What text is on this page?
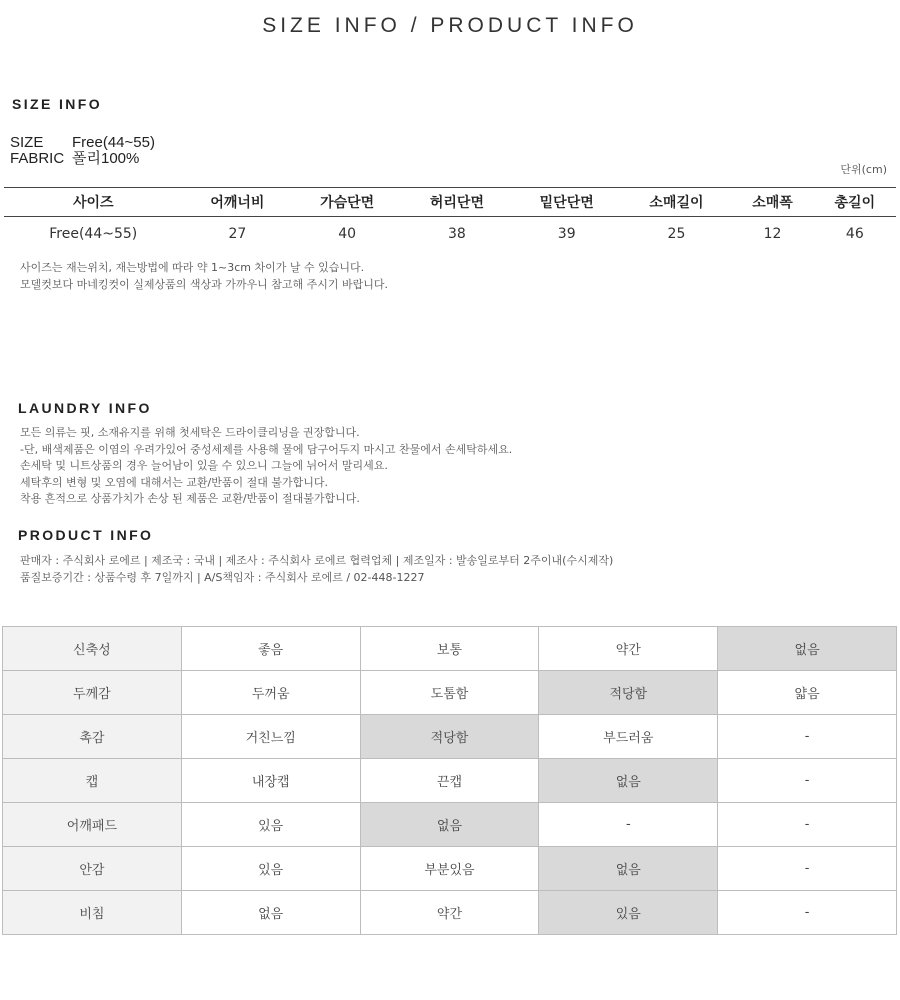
SIZE INFO / PRODUCT INFO
SIZE INFO
SIZE Free(44~55)
FABRIC 폴리100%
단위(cm)
사이즈	어깨너비	가슴단면	허리단면	밑단단면	소매길이	소매폭	총길이
Free(44~55)	27	40	38	39	25	12	46
사이즈는 재는위치, 재는방법에 따라 약 1~3cm 차이가 날 수 있습니다.
모델컷보다 마네킹컷이 실제상품의 색상과 가까우니 참고해 주시기 바랍니다.
LAUNDRY INFO
모든 의류는 핏, 소재유지를 위해 첫세탁은 드라이클리닝을 권장합니다.
-단, 배색제품은 이염의 우려가있어 중성세제를 사용해 물에 담구어두지 마시고 찬물에서 손세탁하세요.
손세탁 및 니트상품의 경우 늘어남이 있을 수 있으니 그늘에 뉘어서 말리세요.
세탁후의 변형 및 오염에 대해서는 교환/반품이 절대 불가합니다.
착용 흔적으로 상품가치가 손상 된 제품은 교환/반품이 절대불가합니다.
PRODUCT INFO
판매자 : 주식회사 로에르 | 제조국 : 국내 | 제조사 : 주식회사 로에르 협력업체 | 제조일자 : 발송일로부터 2주이내(수시제작)
품질보증기간 : 상품수령 후 7일까지 | A/S책임자 : 주식회사 로에르 / 02-448-1227
신축성	좋음	보통	약간	없음
두께감	두꺼움	도톰함	적당함	얇음
촉감	거친느낌	적당함	부드러움	-
캡	내장캡	끈캡	없음	-
어깨패드	있음	없음	-	-
안감	있음	부분있음	없음	-
비침	없음	약간	있음	-
